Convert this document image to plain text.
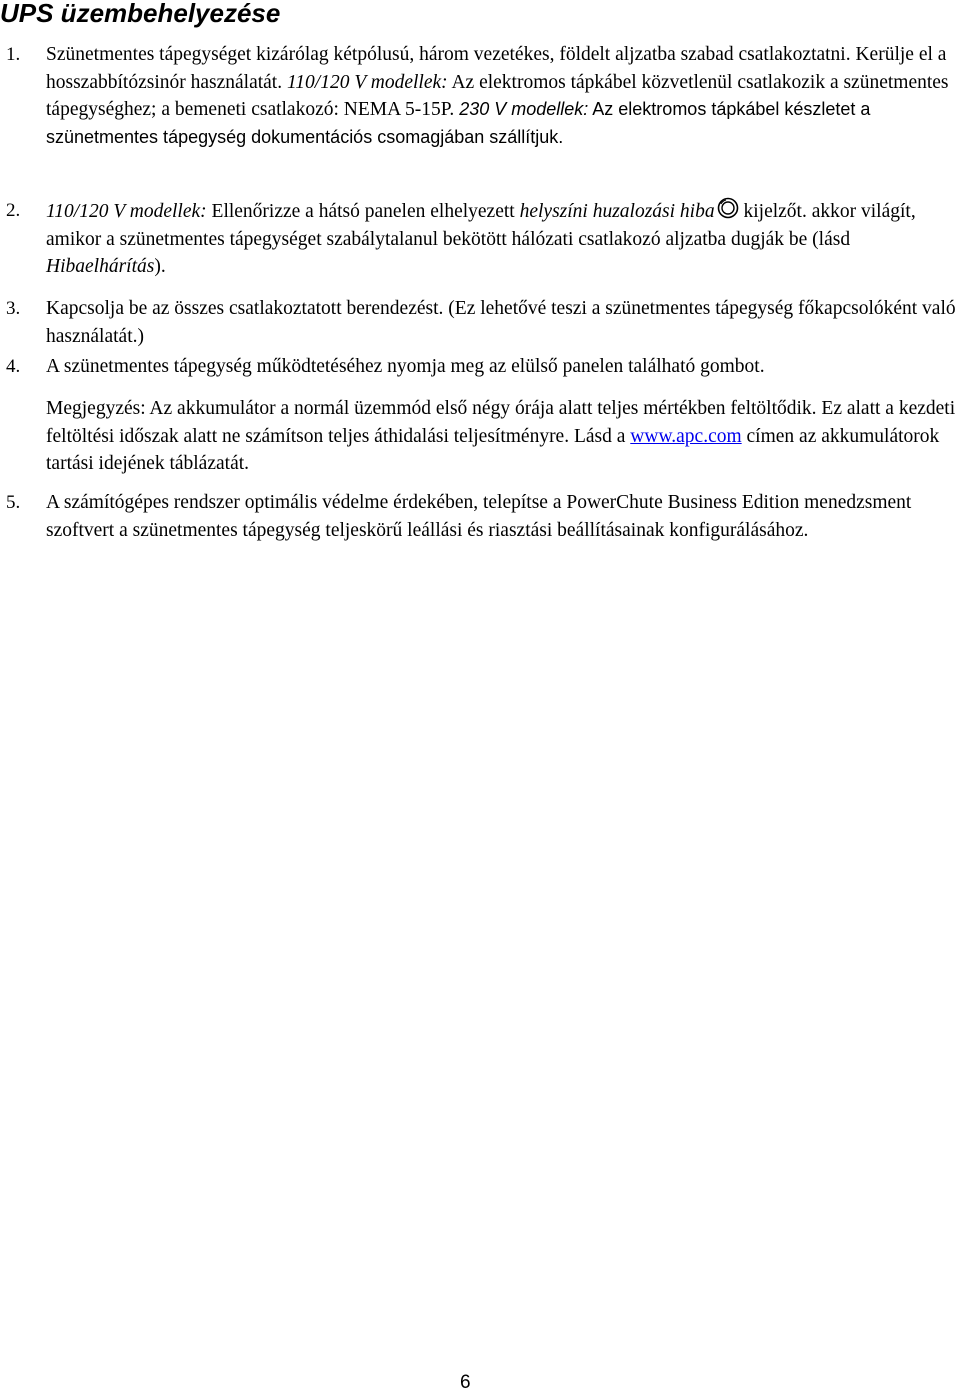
UPS üzembehelyezése
1. Szünetmentes tápegységet kizárólag kétpólusú, három vezetékes, földelt aljzatba szabad csatlakoztatni. Kerülje el a hosszabbítózsinór használatát. 110/120 V modellek: Az elektromos tápkábel közvetlenül csatlakozik a szünetmentes tápegységhez; a bemeneti csatlakozó: NEMA 5-15P. 230 V modellek: Az elektromos tápkábel készletet a szünetmentes tápegység dokumentációs csomagjában szállítjuk.
2. 110/120 V modellek: Ellenőrizze a hátsó panelen elhelyezett helyszíni huzalozási hiba kijelzőt. akkor világít, amikor a szünetmentes tápegységet szabálytalanul bekötött hálózati csatlakozó aljzatba dugják be (lásd Hibaelhárítás).
3. Kapcsolja be az összes csatlakoztatott berendezést. (Ez lehetővé teszi a szünetmentes tápegység főkapcsolóként való használatát.)
4. A szünetmentes tápegység működtetéséhez nyomja meg az elülső panelen található gombot.
Megjegyzés: Az akkumulátor a normál üzemmód első négy órája alatt teljes mértékben feltöltődik. Ez alatt a kezdeti feltöltési időszak alatt ne számítson teljes áthidalási teljesítményre. Lásd a www.apc.com címen az akkumulátorok tartási idejének táblázatát.
5. A számítógépes rendszer optimális védelme érdekében, telepítse a PowerChute Business Edition menedzsment szoftvert a szünetmentes tápegység teljeskörű leállási és riasztási beállításainak konfigurálásához.
6
